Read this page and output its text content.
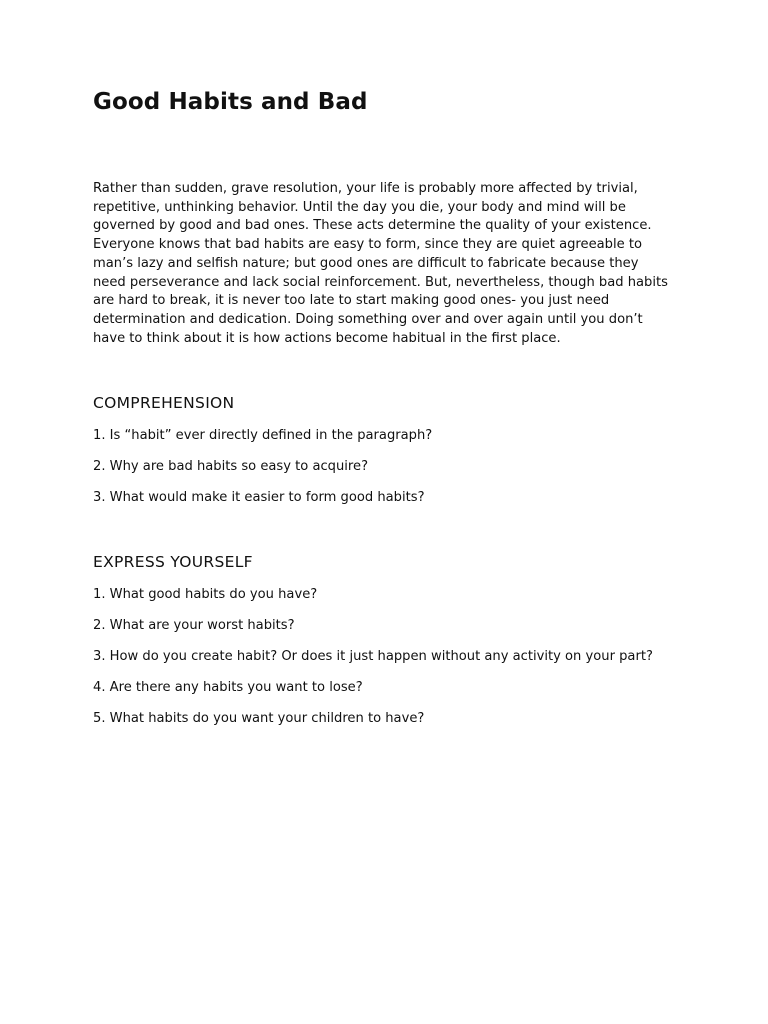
Good Habits and Bad

Rather than sudden, grave resolution, your life is probably more affected by trivial, repetitive, unthinking behavior. Until the day you die, your body and mind will be governed by good and bad ones. These acts determine the quality of your existence. Everyone knows that bad habits are easy to form, since they are quiet agreeable to man’s lazy and selfish nature; but good ones are difficult to fabricate because they need perseverance and lack social reinforcement. But, nevertheless, though bad habits are hard to break, it is never too late to start making good ones- you just need determination and dedication. Doing something over and over again until you don’t have to think about it is how actions become habitual in the first place.

COMPREHENSION
1. Is “habit” ever directly defined in the paragraph?
2. Why are bad habits so easy to acquire?
3. What would make it easier to form good habits?
EXPRESS YOURSELF
1. What good habits do you have?
2. What are your worst habits?
3. How do you create habit? Or does it just happen without any activity on your part?
4. Are there any habits you want to lose?
5. What habits do you want your children to have?
